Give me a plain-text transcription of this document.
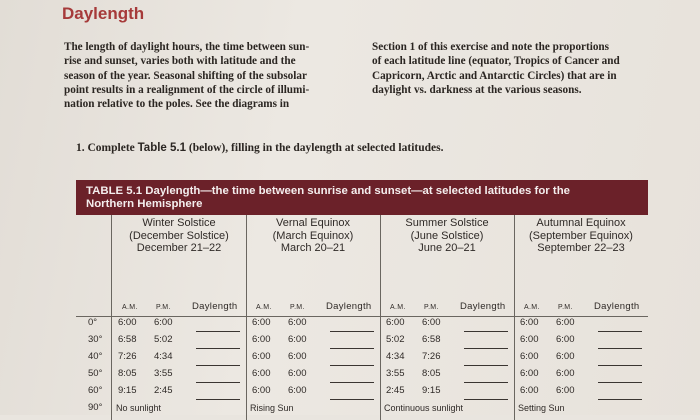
Daylength
The length of daylight hours, the time between sun-
rise and sunset, varies both with latitude and the
season of the year. Seasonal shifting of the subsolar
point results in a realignment of the circle of illumi-
nation relative to the poles. See the diagrams in
Section 1 of this exercise and note the proportions
of each latitude line (equator, Tropics of Cancer and
Capricorn, Arctic and Antarctic Circles) that are in
daylight vs. darkness at the various seasons.
1. Complete Table 5.1 (below), filling in the daylength at selected latitudes.
TABLE 5.1 Daylength—the time between sunrise and sunset—at selected latitudes for the
Northern Hemisphere
Winter Solstice
(December Solstice)
December 21–22
A.M.	P.M. Daylength
Vernal Equinox
(March Equinox)
March 20–21
A.M.	P.M. Daylength
Summer Solstice
(June Solstice)
June 20–21
A.M.	P.M. Daylength
Autumnal Equinox
(September Equinox)
September 22–23
A.M.	P.M. Daylength
0° 6:00 6:00	6:00 6:00	6:00 6:00	6:00 6:00
30° 6:58 5:02	6:00 6:00	5:02 6:58	6:00 6:00
40° 7:26 4:34	6:00 6:00	4:34 7:26	6:00 6:00
50° 8:05 3:55	6:00 6:00	3:55 8:05	6:00 6:00
60° 9:15 2:45	6:00 6:00	2:45 9:15	6:00 6:00
90° No sunlight	Rising Sun	Continuous sunlight	Setting Sun
